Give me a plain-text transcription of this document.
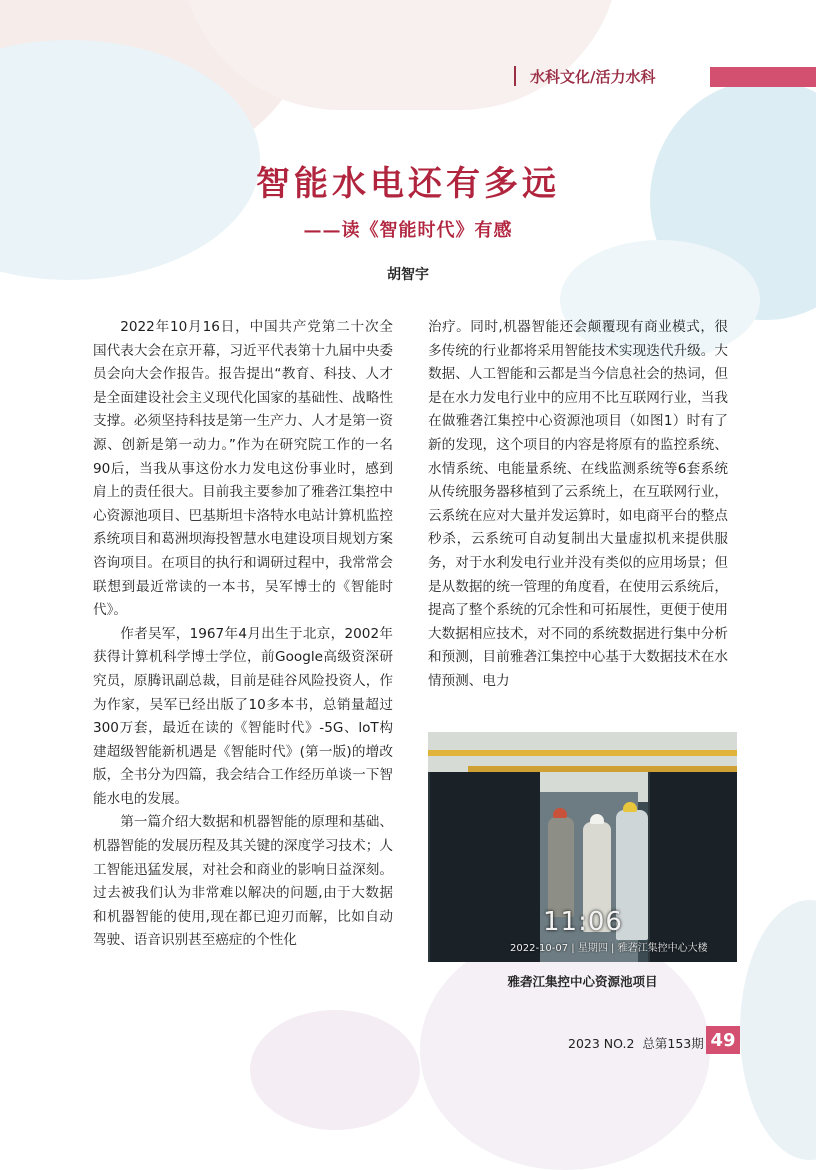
水科文化/活力水科
智能水电还有多远
——读《智能时代》有感
胡智宇

2022年10月16日，中国共产党第二十次全国代表大会在京开幕，习近平代表第十九届中央委员会向大会作报告。报告提出“教育、科技、人才是全面建设社会主义现代化国家的基础性、战略性支撑。必须坚持科技是第一生产力、人才是第一资源、创新是第一动力。”作为在研究院工作的一名90后，当我从事这份水力发电这份事业时，感到肩上的责任很大。目前我主要参加了雅砻江集控中心资源池项目、巴基斯坦卡洛特水电站计算机监控系统项目和葛洲坝海投智慧水电建设项目规划方案咨询项目。在项目的执行和调研过程中，我常常会联想到最近常读的一本书，吴军博士的《智能时代》。

作者吴军，1967年4月出生于北京，2002年获得计算机科学博士学位，前Google高级资深研究员，原腾讯副总裁，目前是硅谷风险投资人，作为作家，吴军已经出版了10多本书，总销量超过300万套，最近在读的《智能时代》-5G、loT构建超级智能新机遇是《智能时代》(第一版)的增改版，全书分为四篇，我会结合工作经历单谈一下智能水电的发展。

第一篇介绍大数据和机器智能的原理和基础、机器智能的发展历程及其关键的深度学习技术；人工智能迅猛发展，对社会和商业的影响日益深刻。过去被我们认为非常难以解决的问题,由于大数据和机器智能的使用,现在都已迎刃而解，比如自动驾驶、语音识别甚至癌症的个性化

治疗。同时,机器智能还会颠覆现有商业模式，很多传统的行业都将采用智能技术实现迭代升级。大数据、人工智能和云都是当今信息社会的热词，但是在水力发电行业中的应用不比互联网行业，当我在做雅砻江集控中心资源池项目（如图1）时有了新的发现，这个项目的内容是将原有的监控系统、水情系统、电能量系统、在线监测系统等6套系统从传统服务器移植到了云系统上，在互联网行业，云系统在应对大量并发运算时，如电商平台的整点秒杀，云系统可自动复制出大量虚拟机来提供服务，对于水利发电行业并没有类似的应用场景；但是从数据的统一管理的角度看，在使用云系统后，提高了整个系统的冗余性和可拓展性，更便于使用大数据相应技术，对不同的系统数据进行集中分析和预测，目前雅砻江集控中心基于大数据技术在水情预测、电力

11:06
2022-10-07 | 星期四 | 雅砻江集控中心大楼
雅砻江集控中心资源池项目
2023 NO.2 总第153期 49
